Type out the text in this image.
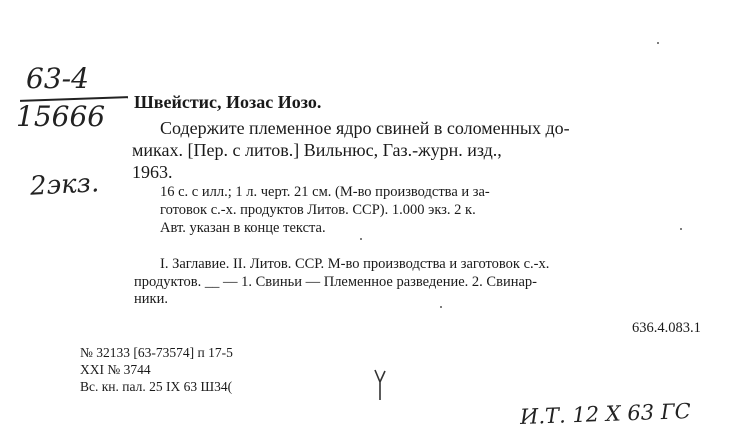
63-4
15666
2экз.

Швейстис, Иозас Иозо.

Содержите племенное ядро свиней в соломенных до-

миках. [Пер. с литов.] Вильнюс, Газ.-журн. изд.,

1963.

16 с. с илл.; 1 л. черт. 21 см. (М-во производства и за-

готовок с.-х. продуктов Литов. ССР). 1.000 экз. 2 к.

Авт. указан в конце текста.

I. Заглавие. II. Литов. ССР. М-во производства и заготовок с.-х.

продуктов. __ — 1. Свиньи — Племенное разведение. 2. Свинар-

ники.

636.4.083.1

№ 32133 [63-73574] п 17-5

XXI № 3744

Вс. кн. пал. 25 IX 63 Ш34(

И.Т. 12 X 63 ГС
